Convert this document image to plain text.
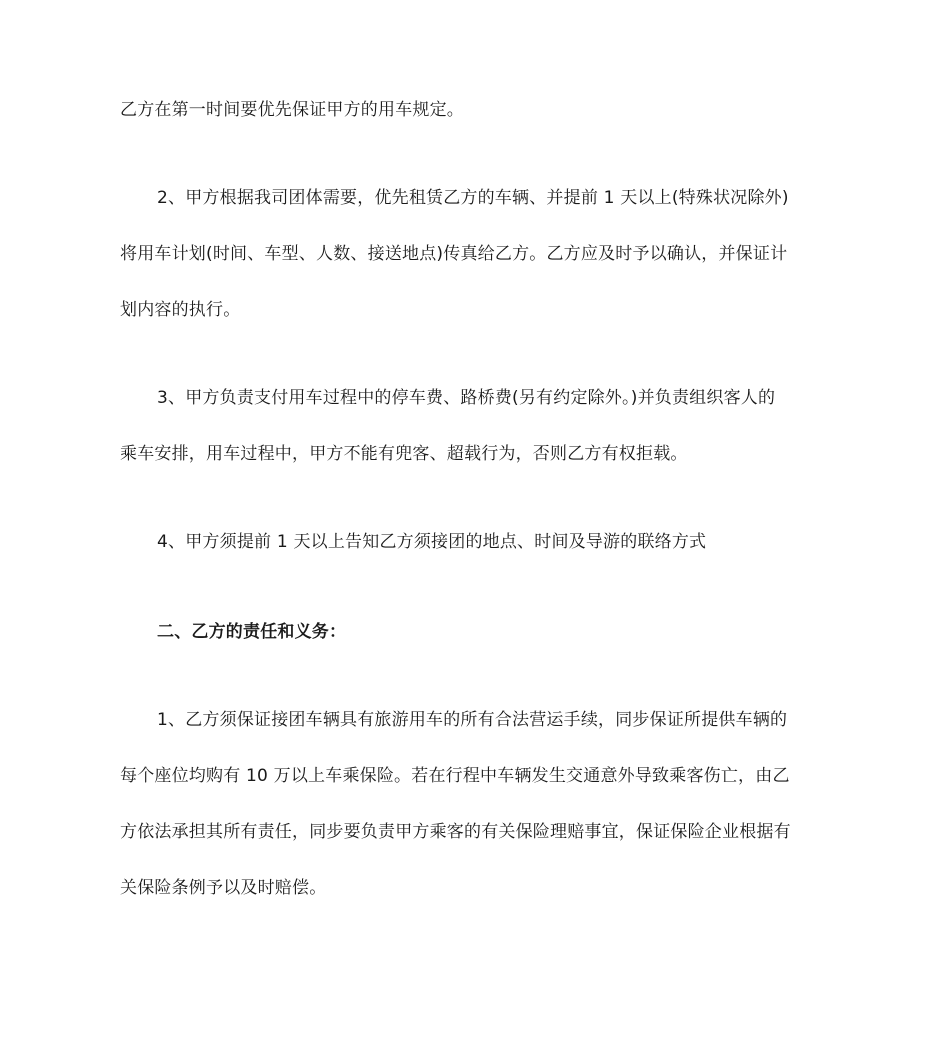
乙方在第一时间要优先保证甲方的用车规定。
2、甲方根据我司团体需要，优先租赁乙方的车辆、并提前 1 天以上(特殊状况除外)
将用车计划(时间、车型、人数、接送地点)传真给乙方。乙方应及时予以确认，并保证计
划内容的执行。
3、甲方负责支付用车过程中的停车费、路桥费(另有约定除外。)并负责组织客人的
乘车安排，用车过程中，甲方不能有兜客、超载行为，否则乙方有权拒载。
4、甲方须提前 1 天以上告知乙方须接团的地点、时间及导游的联络方式
二、乙方的责任和义务：
1、乙方须保证接团车辆具有旅游用车的所有合法营运手续，同步保证所提供车辆的
每个座位均购有 10 万以上车乘保险。若在行程中车辆发生交通意外导致乘客伤亡，由乙
方依法承担其所有责任，同步要负责甲方乘客的有关保险理赔事宜，保证保险企业根据有
关保险条例予以及时赔偿。
